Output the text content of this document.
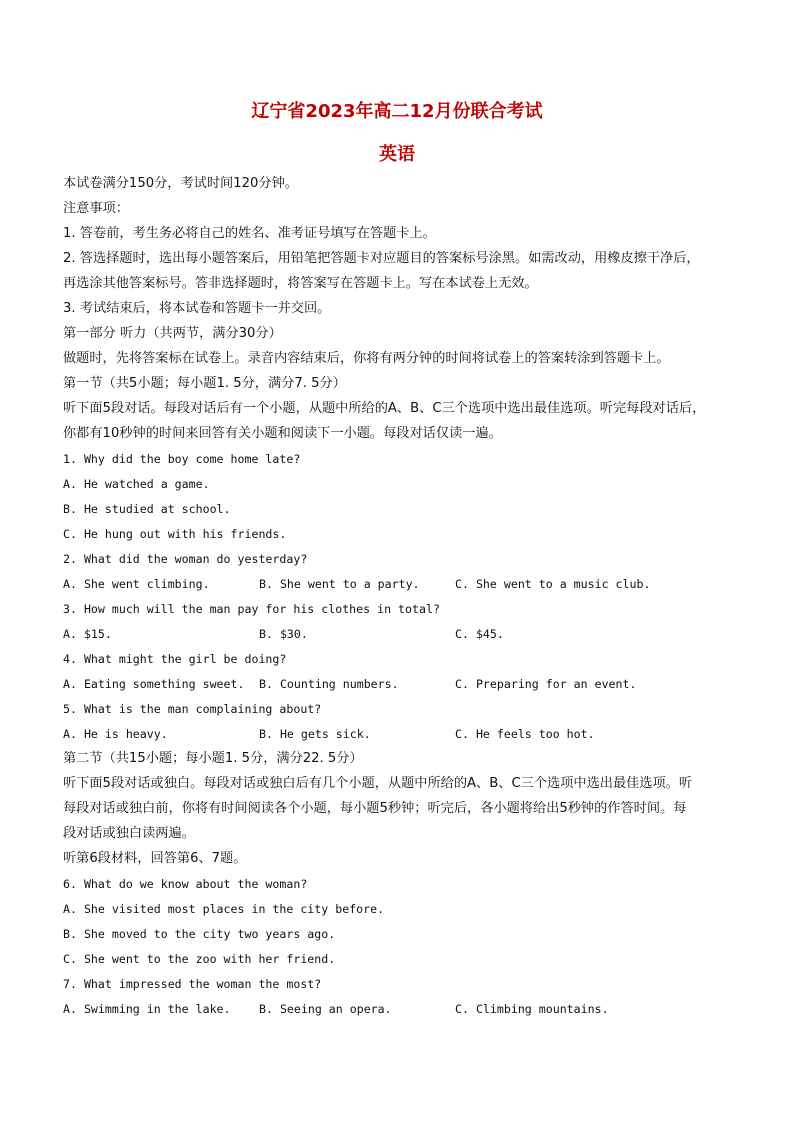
辽宁省2023年高二12月份联合考试
英语
本试卷满分150分，考试时间120分钟。
注意事项：
1. 答卷前，考生务必将自己的姓名、准考证号填写在答题卡上。
2. 答选择题时，选出每小题答案后，用铅笔把答题卡对应题目的答案标号涂黑。如需改动，用橡皮擦干净后，
再选涂其他答案标号。答非选择题时，将答案写在答题卡上。写在本试卷上无效。
3. 考试结束后，将本试卷和答题卡一并交回。
第一部分 听力（共两节，满分30分）
做题时，先将答案标在试卷上。录音内容结束后，你将有两分钟的时间将试卷上的答案转涂到答题卡上。
第一节（共5小题；每小题1. 5分，满分7. 5分）
听下面5段对话。每段对话后有一个小题，从题中所给的A、B、C三个选项中选出最佳选项。听完每段对话后，
你都有10秒钟的时间来回答有关小题和阅读下一小题。每段对话仅读一遍。
1. Why did the boy come home late?
A. He watched a game.
B. He studied at school.
C. He hung out with his friends.
2. What did the woman do yesterday?
A. She went climbing.	B. She went to a party.	C. She went to a music club.
3. How much will the man pay for his clothes in total?
A. $15.	B. $30.	C. $45.
4. What might the girl be doing?
A. Eating something sweet. B. Counting numbers.	C. Preparing for an event.
5. What is the man complaining about?
A. He is heavy.	B. He gets sick.	C. He feels too hot.
第二节（共15小题；每小题1. 5分，满分22. 5分）
听下面5段对话或独白。每段对话或独白后有几个小题，从题中所给的A、B、C三个选项中选出最佳选项。听
每段对话或独白前，你将有时间阅读各个小题，每小题5秒钟；听完后，各小题将给出5秒钟的作答时间。每
段对话或独白读两遍。
听第6段材料，回答第6、7题。
6. What do we know about the woman?
A. She visited most places in the city before.
B. She moved to the city two years ago.
C. She went to the zoo with her friend.
7. What impressed the woman the most?
A. Swimming in the lake. B. Seeing an opera.	C. Climbing mountains.
